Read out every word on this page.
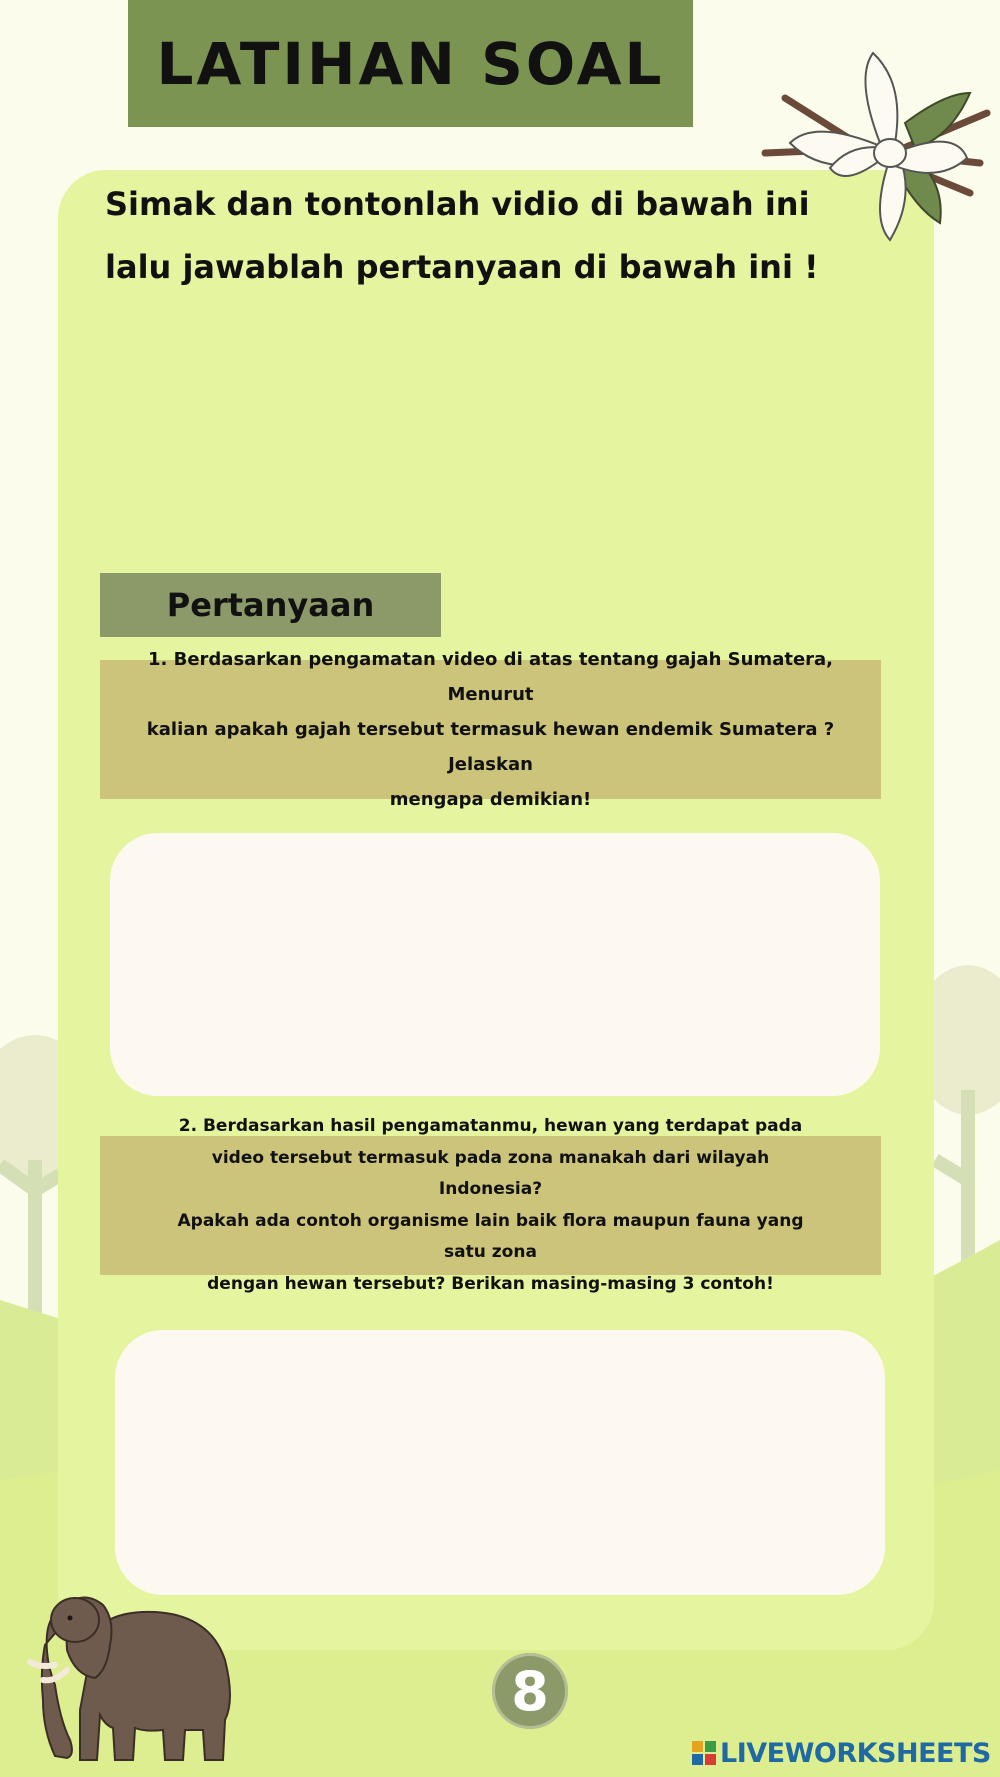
LATIHAN SOAL
Simak dan tontonlah vidio di bawah ini
lalu jawablah pertanyaan di bawah ini !
Pertanyaan
1. Berdasarkan pengamatan video di atas tentang gajah Sumatera, Menurut
kalian apakah gajah tersebut termasuk hewan endemik Sumatera ? Jelaskan
mengapa demikian!
2. Berdasarkan hasil pengamatanmu, hewan yang terdapat pada
video tersebut termasuk pada zona manakah dari wilayah Indonesia?
Apakah ada contoh organisme lain baik flora maupun fauna yang satu zona
dengan hewan tersebut? Berikan masing-masing 3 contoh!
8
LIVEWORKSHEETS
